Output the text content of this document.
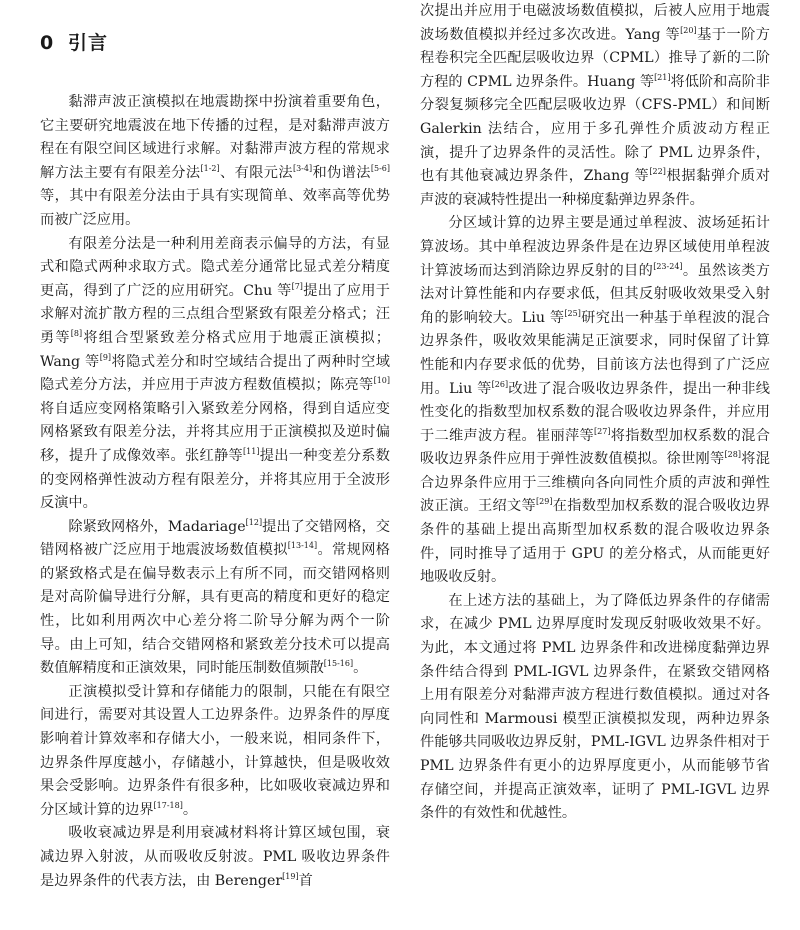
0 引言

黏滞声波正演模拟在地震勘探中扮演着重要角色，它主要研究地震波在地下传播的过程，是对黏滞声波方程在有限空间区域进行求解。对黏滞声波方程的常规求解方法主要有有限差分法[1-2]、有限元法[3-4]和伪谱法[5-6]等，其中有限差分法由于具有实现简单、效率高等优势而被广泛应用。

有限差分法是一种利用差商表示偏导的方法，有显式和隐式两种求取方式。隐式差分通常比显式差分精度更高，得到了广泛的应用研究。Chu 等[7]提出了应用于求解对流扩散方程的三点组合型紧致有限差分格式；汪勇等[8]将组合型紧致差分格式应用于地震正演模拟；Wang 等[9]将隐式差分和时空域结合提出了两种时空域隐式差分方法，并应用于声波方程数值模拟；陈亮等[10]将自适应变网格策略引入紧致差分网格，得到自适应变网格紧致有限差分法，并将其应用于正演模拟及逆时偏移，提升了成像效率。张红静等[11]提出一种变差分系数的变网格弹性波动方程有限差分，并将其应用于全波形反演中。

除紧致网格外，Madariage[12]提出了交错网格，交错网格被广泛应用于地震波场数值模拟[13-14]。常规网格的紧致格式是在偏导数表示上有所不同，而交错网格则是对高阶偏导进行分解，具有更高的精度和更好的稳定性，比如利用两次中心差分将二阶导分解为两个一阶导。由上可知，结合交错网格和紧致差分技术可以提高数值解精度和正演效果，同时能压制数值频散[15-16]。

正演模拟受计算和存储能力的限制，只能在有限空间进行，需要对其设置人工边界条件。边界条件的厚度影响着计算效率和存储大小，一般来说，相同条件下，边界条件厚度越小，存储越小，计算越快，但是吸收效果会受影响。边界条件有很多种，比如吸收衰减边界和分区域计算的边界[17-18]。

吸收衰减边界是利用衰减材料将计算区域包围，衰减边界入射波，从而吸收反射波。PML 吸收边界条件是边界条件的代表方法，由 Berenger[19]首

次提出并应用于电磁波场数值模拟，后被人应用于地震波场数值模拟并经过多次改进。Yang 等[20]基于一阶方程卷积完全匹配层吸收边界（CPML）推导了新的二阶方程的 CPML 边界条件。Huang 等[21]将低阶和高阶非分裂复频移完全匹配层吸收边界（CFS-PML）和间断 Galerkin 法结合，应用于多孔弹性介质波动方程正演，提升了边界条件的灵活性。除了 PML 边界条件，也有其他衰减边界条件，Zhang 等[22]根据黏弹介质对声波的衰减特性提出一种梯度黏弹边界条件。

分区域计算的边界主要是通过单程波、波场延拓计算波场。其中单程波边界条件是在边界区域使用单程波计算波场而达到消除边界反射的目的[23-24]。虽然该类方法对计算性能和内存要求低，但其反射吸收效果受入射角的影响较大。Liu 等[25]研究出一种基于单程波的混合边界条件，吸收效果能满足正演要求，同时保留了计算性能和内存要求低的优势，目前该方法也得到了广泛应用。Liu 等[26]改进了混合吸收边界条件，提出一种非线性变化的指数型加权系数的混合吸收边界条件，并应用于二维声波方程。崔丽萍等[27]将指数型加权系数的混合吸收边界条件应用于弹性波数值模拟。徐世刚等[28]将混合边界条件应用于三维横向各向同性介质的声波和弹性波正演。王绍文等[29]在指数型加权系数的混合吸收边界条件的基础上提出高斯型加权系数的混合吸收边界条件，同时推导了适用于 GPU 的差分格式，从而能更好地吸收反射。

在上述方法的基础上，为了降低边界条件的存储需求，在减少 PML 边界厚度时发现反射吸收效果不好。为此，本文通过将 PML 边界条件和改进梯度黏弹边界条件结合得到 PML-IGVL 边界条件，在紧致交错网格上用有限差分对黏滞声波方程进行数值模拟。通过对各向同性和 Marmousi 模型正演模拟发现，两种边界条件能够共同吸收边界反射，PML-IGVL 边界条件相对于 PML 边界条件有更小的边界厚度更小，从而能够节省存储空间，并提高正演效率，证明了 PML-IGVL 边界条件的有效性和优越性。
